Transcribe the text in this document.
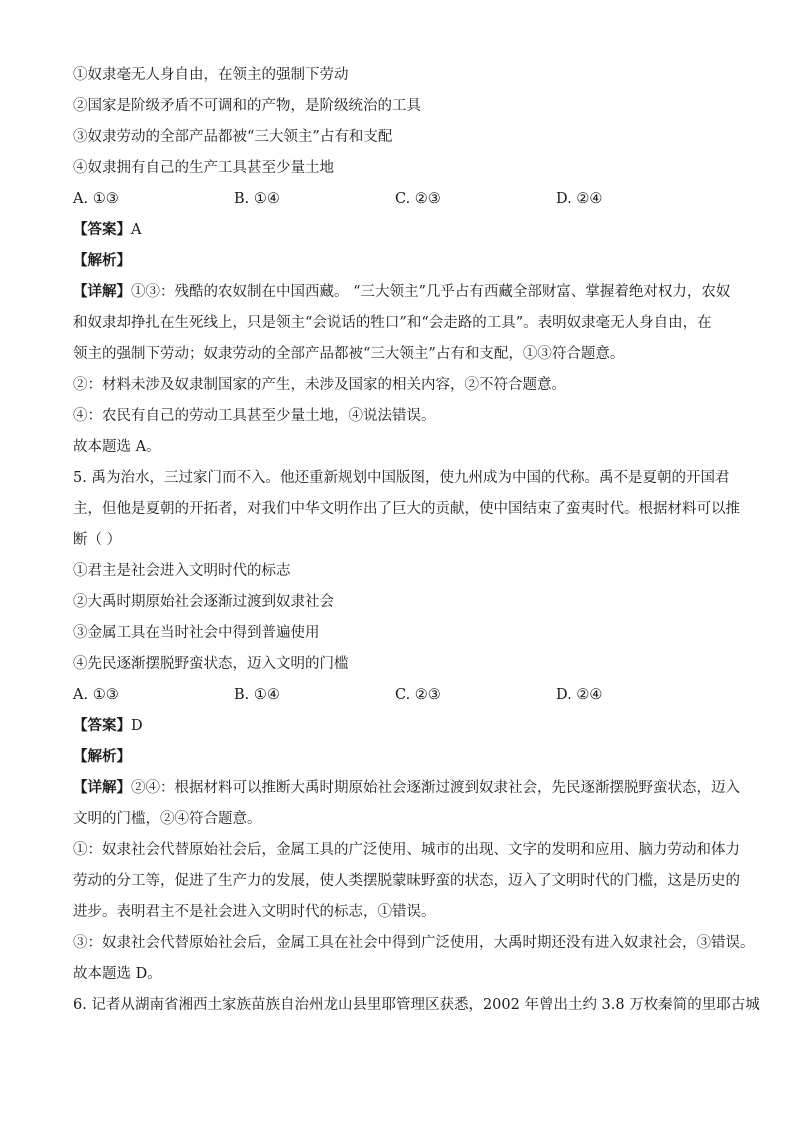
①奴隶毫无人身自由，在领主的强制下劳动
②国家是阶级矛盾不可调和的产物，是阶级统治的工具
③奴隶劳动的全部产品都被“三大领主”占有和支配
④奴隶拥有自己的生产工具甚至少量土地
A. ①③	B. ①④	C. ②③	D. ②④
【答案】A
【解析】
【详解】①③：残酷的农奴制在中国西藏。 “三大领主”几乎占有西藏全部财富、掌握着绝对权力，农奴
和奴隶却挣扎在生死线上，只是领主“会说话的牲口”和“会走路的工具”。表明奴隶毫无人身自由，在
领主的强制下劳动；奴隶劳动的全部产品都被“三大领主”占有和支配，①③符合题意。
②：材料未涉及奴隶制国家的产生，未涉及国家的相关内容，②不符合题意。
④：农民有自己的劳动工具甚至少量土地，④说法错误。
故本题选 A。
5. 禹为治水，三过家门而不入。他还重新规划中国版图，使九州成为中国的代称。禹不是夏朝的开国君
主，但他是夏朝的开拓者，对我们中华文明作出了巨大的贡献，使中国结束了蛮夷时代。根据材料可以推
断（ ）
①君主是社会进入文明时代的标志
②大禹时期原始社会逐渐过渡到奴隶社会
③金属工具在当时社会中得到普遍使用
④先民逐渐摆脱野蛮状态，迈入文明的门槛
A. ①③	B. ①④	C. ②③	D. ②④
【答案】D
【解析】
【详解】②④：根据材料可以推断大禹时期原始社会逐渐过渡到奴隶社会，先民逐渐摆脱野蛮状态，迈入
文明的门槛，②④符合题意。
①：奴隶社会代替原始社会后，金属工具的广泛使用、城市的出现、文字的发明和应用、脑力劳动和体力
劳动的分工等，促进了生产力的发展，使人类摆脱蒙昧野蛮的状态，迈入了文明时代的门槛，这是历史的
进步。表明君主不是社会进入文明时代的标志，①错误。
③：奴隶社会代替原始社会后，金属工具在社会中得到广泛使用，大禹时期还没有进入奴隶社会，③错误。
故本题选 D。
6. 记者从湖南省湘西土家族苗族自治州龙山县里耶管理区获悉，2002 年曾出土约 3.8 万枚秦简的里耶古城
